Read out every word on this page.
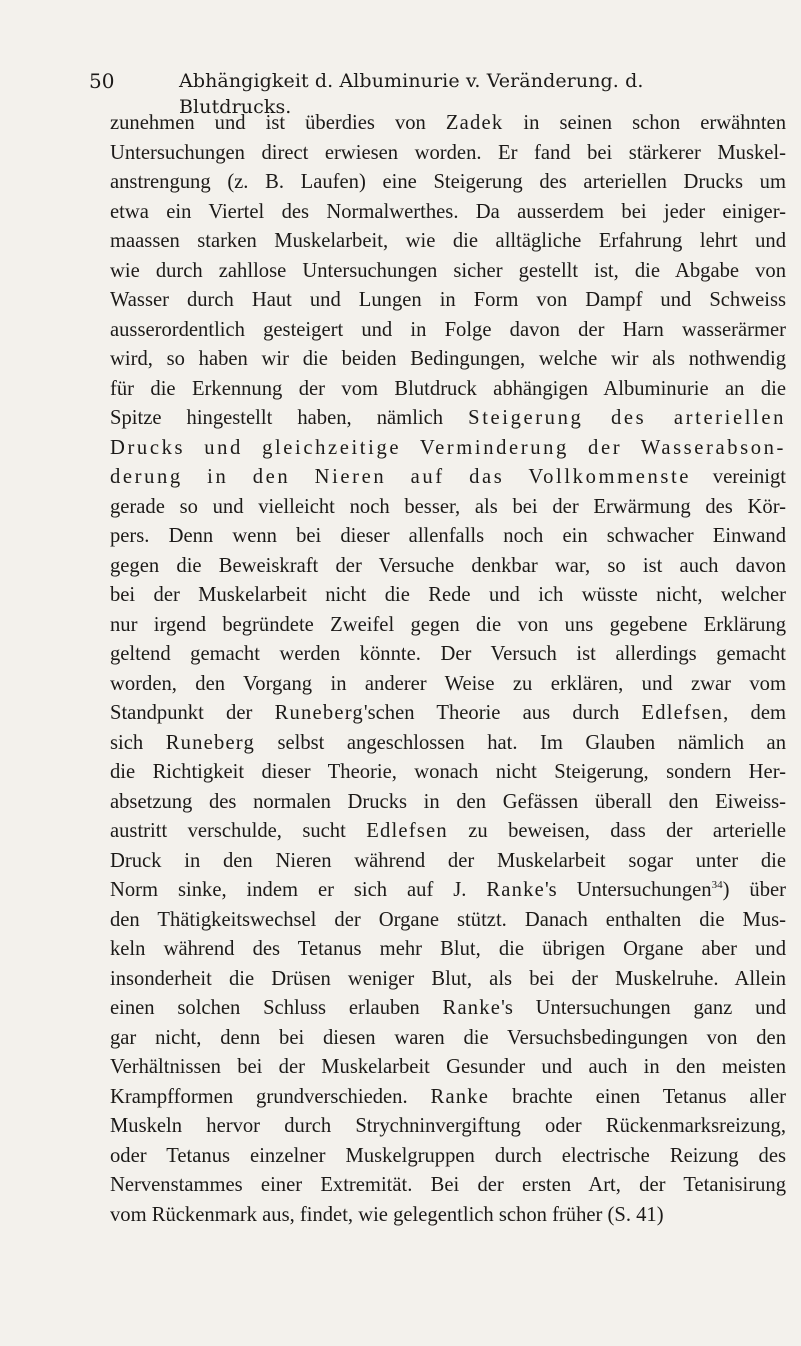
50	Abhängigkeit d. Albuminurie v. Veränderung. d. Blutdrucks.
zunehmen und ist überdies von Zadek in seinen schon erwähnten
Untersuchungen direct erwiesen worden. Er fand bei stärkerer Muskel-
anstrengung (z. B. Laufen) eine Steigerung des arteriellen Drucks um
etwa ein Viertel des Normalwerthes. Da ausserdem bei jeder einiger-
maassen starken Muskelarbeit, wie die alltägliche Erfahrung lehrt und
wie durch zahllose Untersuchungen sicher gestellt ist, die Abgabe von
Wasser durch Haut und Lungen in Form von Dampf und Schweiss
ausserordentlich gesteigert und in Folge davon der Harn wasserärmer
wird, so haben wir die beiden Bedingungen, welche wir als nothwendig
für die Erkennung der vom Blutdruck abhängigen Albuminurie an die
Spitze hingestellt haben, nämlich Steigerung des arteriellen
Drucks und gleichzeitige Verminderung der Wasserabson-
derung in den Nieren auf das Vollkommenste vereinigt
gerade so und vielleicht noch besser, als bei der Erwärmung des Kör-
pers. Denn wenn bei dieser allenfalls noch ein schwacher Einwand
gegen die Beweiskraft der Versuche denkbar war, so ist auch davon
bei der Muskelarbeit nicht die Rede und ich wüsste nicht, welcher
nur irgend begründete Zweifel gegen die von uns gegebene Erklärung
geltend gemacht werden könnte. Der Versuch ist allerdings gemacht
worden, den Vorgang in anderer Weise zu erklären, und zwar vom
Standpunkt der Runeberg'schen Theorie aus durch Edlefsen, dem
sich Runeberg selbst angeschlossen hat. Im Glauben nämlich an
die Richtigkeit dieser Theorie, wonach nicht Steigerung, sondern Her-
absetzung des normalen Drucks in den Gefässen überall den Eiweiss-
austritt verschulde, sucht Edlefsen zu beweisen, dass der arterielle
Druck in den Nieren während der Muskelarbeit sogar unter die
Norm sinke, indem er sich auf J. Ranke's Untersuchungen$^{34}$) über
den Thätigkeitswechsel der Organe stützt. Danach enthalten die Mus-
keln während des Tetanus mehr Blut, die übrigen Organe aber und
insonderheit die Drüsen weniger Blut, als bei der Muskelruhe. Allein
einen solchen Schluss erlauben Ranke's Untersuchungen ganz und
gar nicht, denn bei diesen waren die Versuchsbedingungen von den
Verhältnissen bei der Muskelarbeit Gesunder und auch in den meisten
Krampfformen grundverschieden. Ranke brachte einen Tetanus aller
Muskeln hervor durch Strychninvergiftung oder Rückenmarksreizung,
oder Tetanus einzelner Muskelgruppen durch electrische Reizung des
Nervenstammes einer Extremität. Bei der ersten Art, der Tetanisirung
vom Rückenmark aus, findet, wie gelegentlich schon früher (S. 41)
